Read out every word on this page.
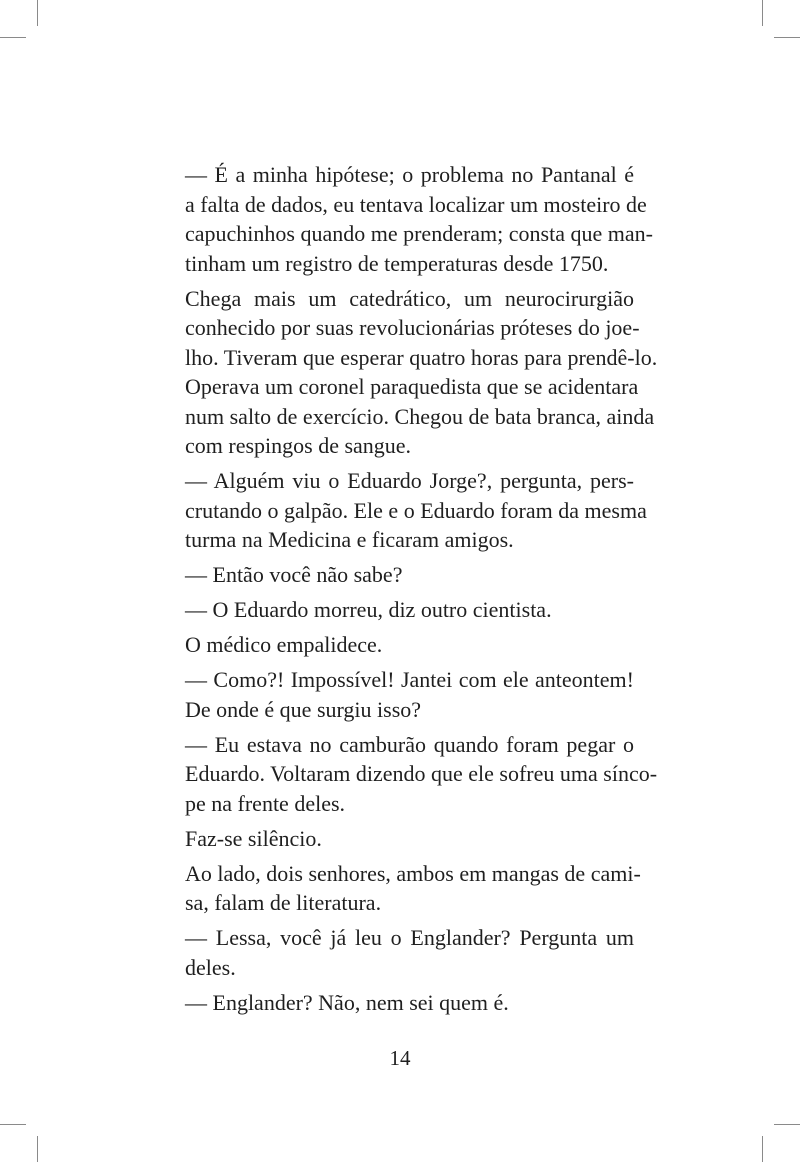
— É a minha hipótese; o problema no Pantanal é
a falta de dados, eu tentava localizar um mosteiro de
capuchinhos quando me prenderam; consta que man-
tinham um registro de temperaturas desde 1750.

Chega mais um catedrático, um neurocirurgião
conhecido por suas revolucionárias próteses do joe-
lho. Tiveram que esperar quatro horas para prendê-lo.
Operava um coronel paraquedista que se acidentara
num salto de exercício. Chegou de bata branca, ainda
com respingos de sangue.

— Alguém viu o Eduardo Jorge?, pergunta, pers-
crutando o galpão. Ele e o Eduardo foram da mesma
turma na Medicina e ficaram amigos.

— Então você não sabe?

— O Eduardo morreu, diz outro cientista.

O médico empalidece.

— Como?! Impossível! Jantei com ele anteontem!
De onde é que surgiu isso?

— Eu estava no camburão quando foram pegar o
Eduardo. Voltaram dizendo que ele sofreu uma sínco-
pe na frente deles.

Faz-se silêncio.

Ao lado, dois senhores, ambos em mangas de cami-
sa, falam de literatura.

— Lessa, você já leu o Englander? Pergunta um
deles.

— Englander? Não, nem sei quem é.

14
